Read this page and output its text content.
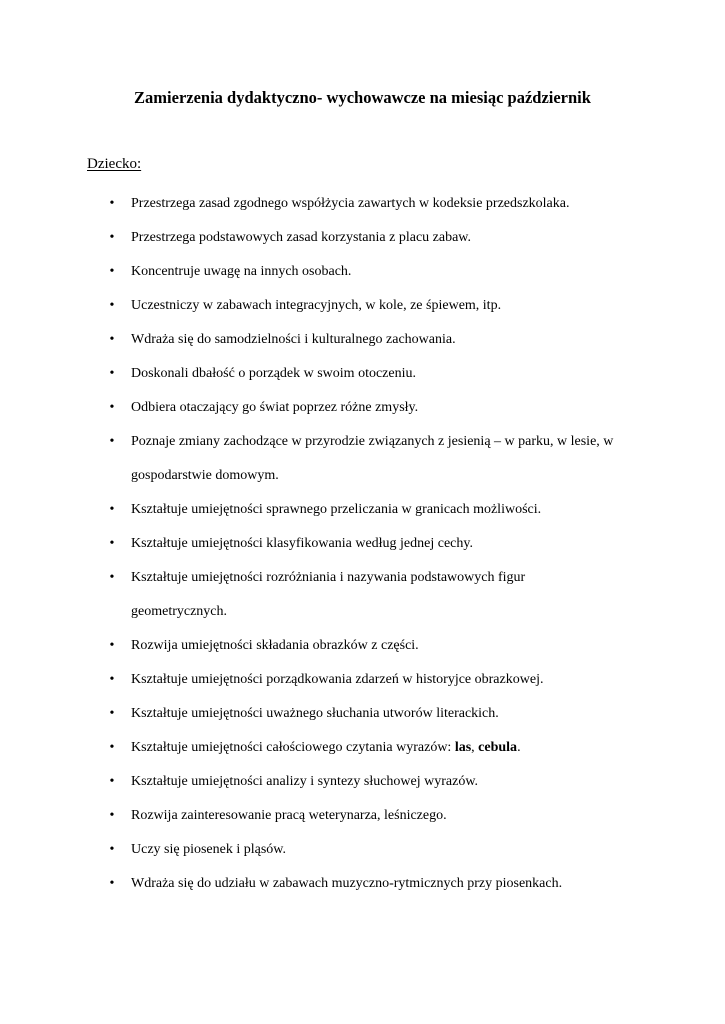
Zamierzenia dydaktyczno- wychowawcze na miesiąc październik
Dziecko:
• Przestrzega zasad zgodnego współżycia zawartych w kodeksie przedszkolaka.
• Przestrzega podstawowych zasad korzystania z placu zabaw.
• Koncentruje uwagę na innych osobach.
• Uczestniczy w zabawach integracyjnych, w kole, ze śpiewem, itp.
• Wdraża się do samodzielności i kulturalnego zachowania.
• Doskonali dbałość o porządek w swoim otoczeniu.
• Odbiera otaczający go świat poprzez różne zmysły.
• Poznaje zmiany zachodzące w przyrodzie związanych z jesienią – w parku, w lesie, w
gospodarstwie domowym.
• Kształtuje umiejętności sprawnego przeliczania w granicach możliwości.
• Kształtuje umiejętności klasyfikowania według jednej cechy.
• Kształtuje umiejętności rozróżniania i nazywania podstawowych figur
geometrycznych.
• Rozwija umiejętności składania obrazków z części.
• Kształtuje umiejętności porządkowania zdarzeń w historyjce obrazkowej.
• Kształtuje umiejętności uważnego słuchania utworów literackich.
• Kształtuje umiejętności całościowego czytania wyrazów: las, cebula.
• Kształtuje umiejętności analizy i syntezy słuchowej wyrazów.
• Rozwija zainteresowanie pracą weterynarza, leśniczego.
• Uczy się piosenek i pląsów.
• Wdraża się do udziału w zabawach muzyczno-rytmicznych przy piosenkach.
